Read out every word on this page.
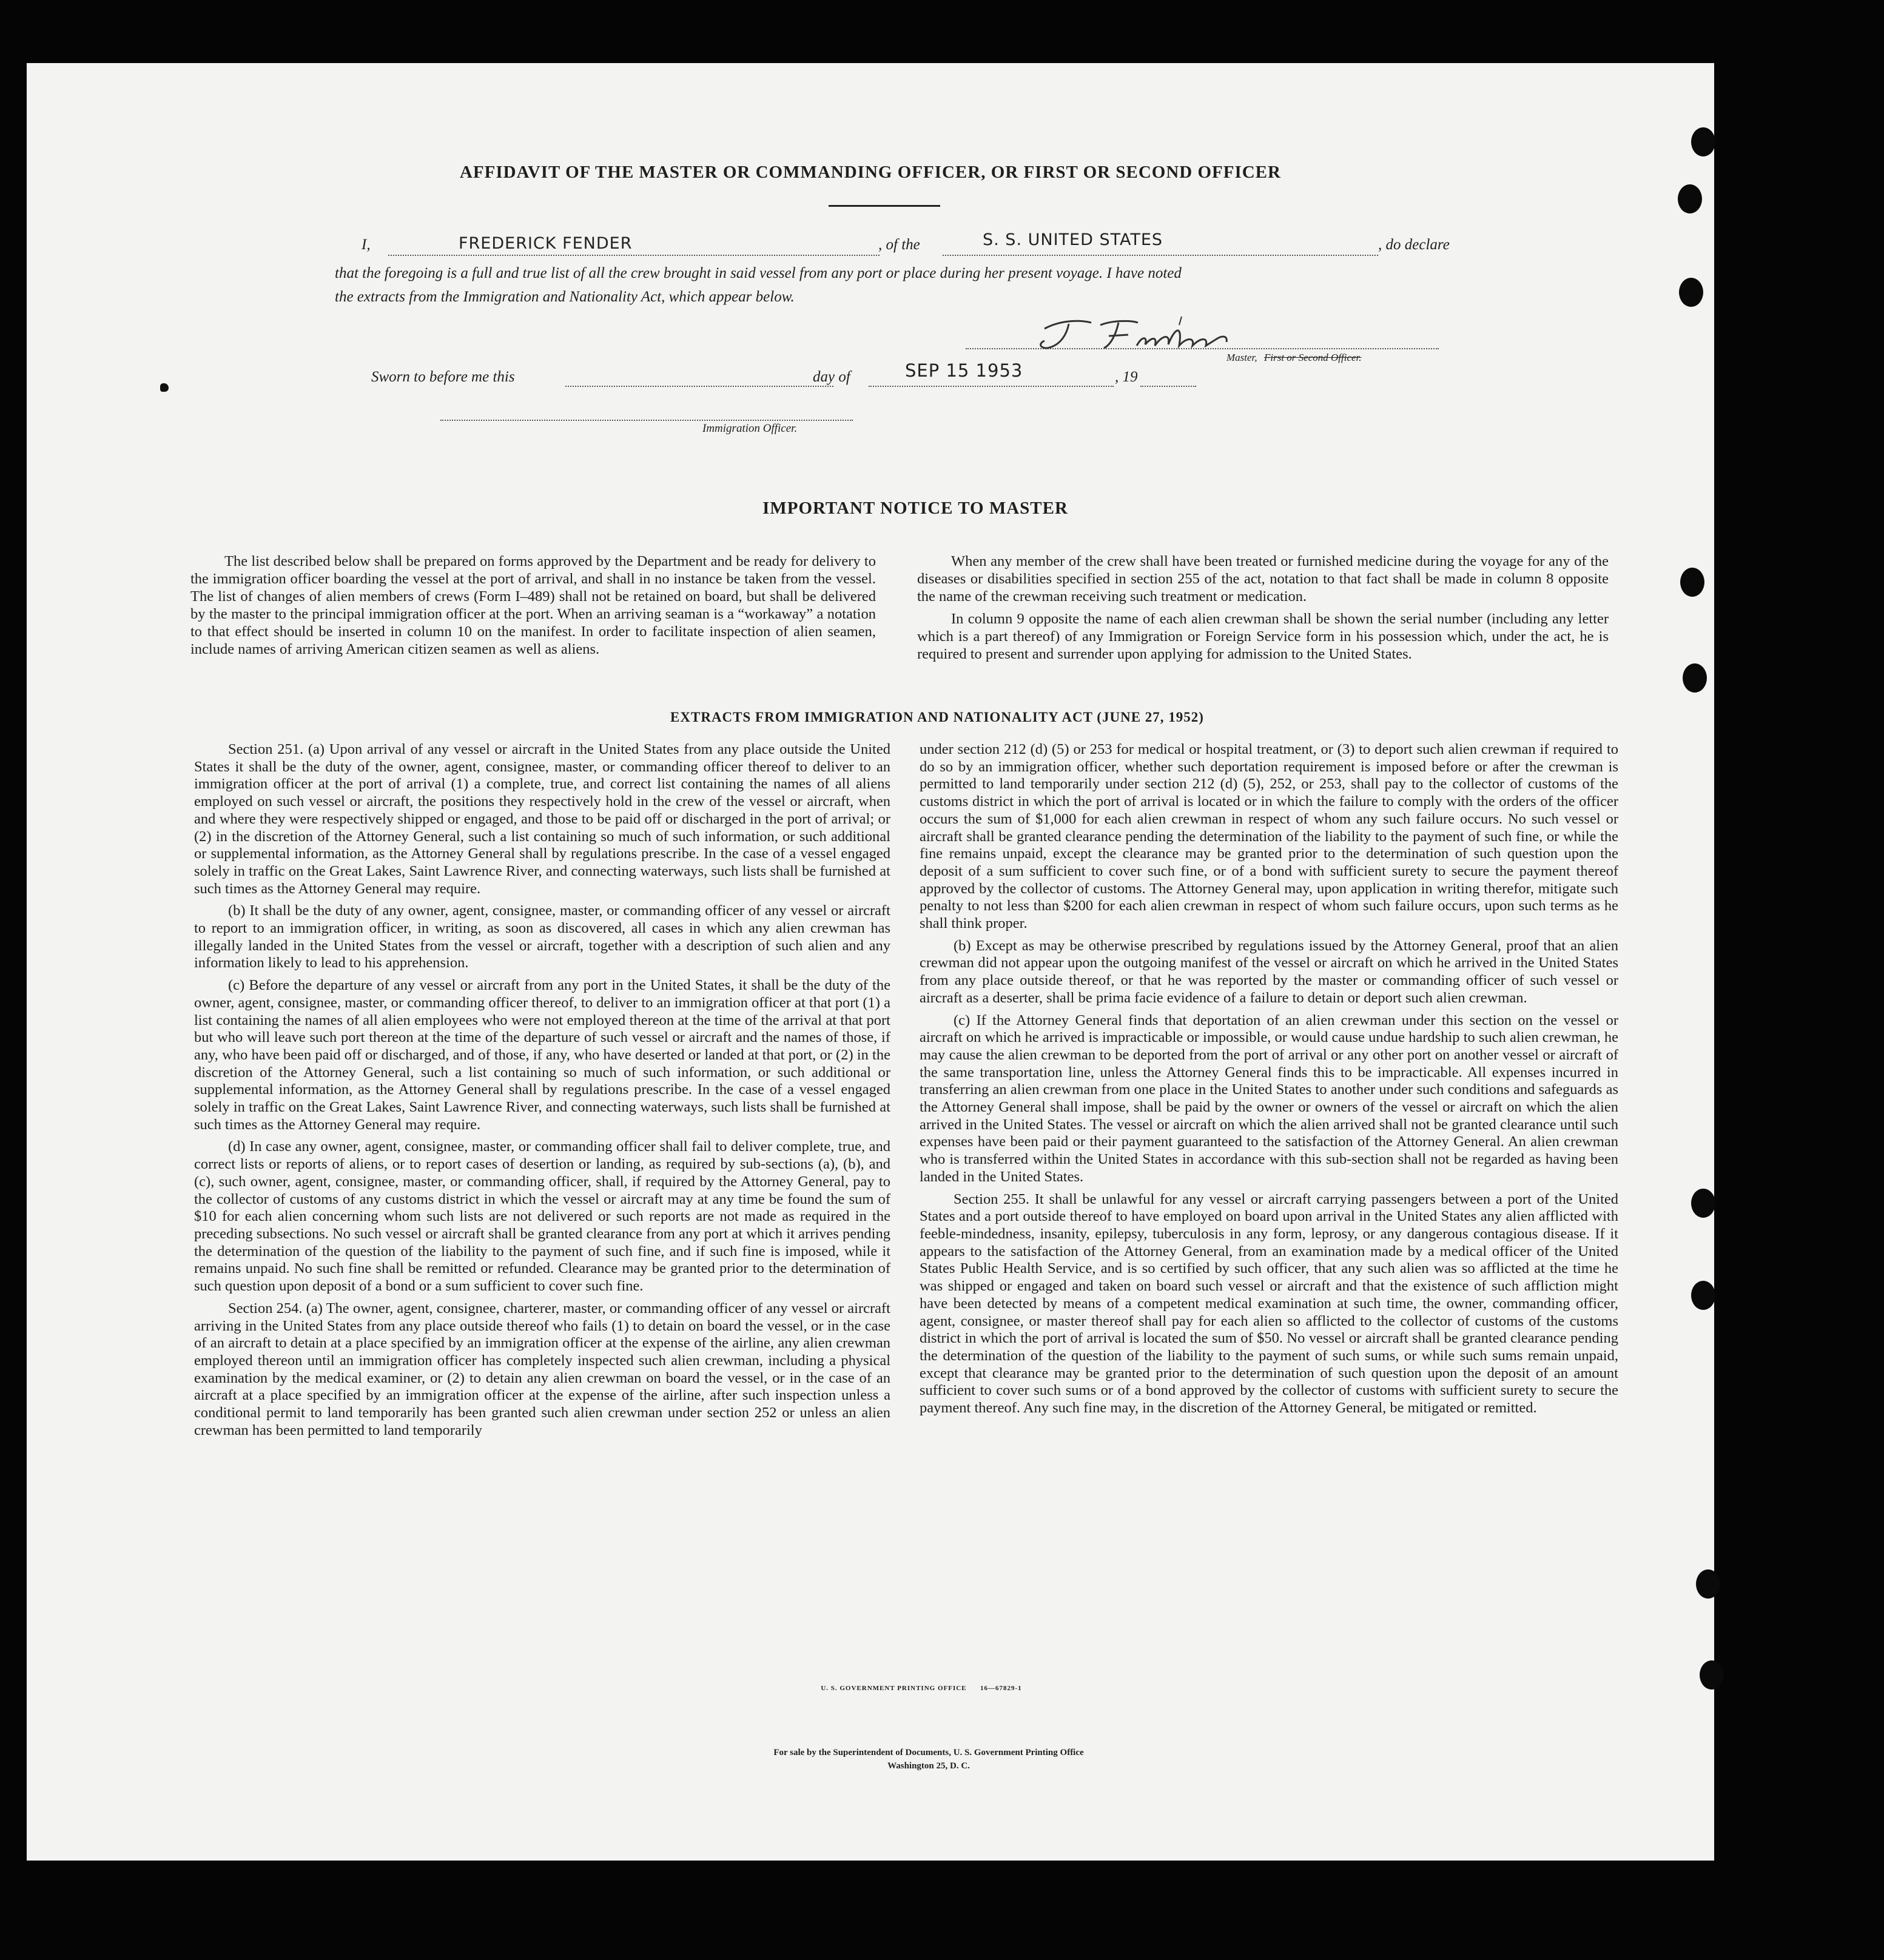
AFFIDAVIT OF THE MASTER OR COMMANDING OFFICER, OR FIRST OR SECOND OFFICER
I,	FREDERICK FENDER	, of the	S. S. UNITED STATES	, do declare
that the foregoing is a full and true list of all the crew brought in said vessel from any port or place during her present voyage. I have noted
the extracts from the Immigration and Nationality Act, which appear below.
Master, First or Second Officer.
Sworn to before me this	day of	SEP 15 1953	, 19
Immigration Officer.
IMPORTANT NOTICE TO MASTER

The list described below shall be prepared on forms approved by the Department and be ready for delivery to the immigration officer boarding the vessel at the port of arrival, and shall in no instance be taken from the vessel. The list of changes of alien members of crews (Form I–489) shall not be retained on board, but shall be delivered by the master to the principal immigration officer at the port. When an arriving seaman is a “workaway” a notation to that effect should be inserted in column 10 on the manifest. In order to facilitate inspection of alien seamen, include names of arriving American citizen seamen as well as aliens.

When any member of the crew shall have been treated or furnished medicine during the voyage for any of the diseases or disabilities specified in section 255 of the act, notation to that fact shall be made in column 8 opposite the name of the crewman receiving such treatment or medication.

In column 9 opposite the name of each alien crewman shall be shown the serial number (including any letter which is a part thereof) of any Immigration or Foreign Service form in his possession which, under the act, he is required to present and surrender upon applying for admission to the United States.

EXTRACTS FROM IMMIGRATION AND NATIONALITY ACT (JUNE 27, 1952)

Section 251. (a) Upon arrival of any vessel or aircraft in the United States from any place outside the United States it shall be the duty of the owner, agent, consignee, master, or commanding officer thereof to deliver to an immigration officer at the port of arrival (1) a complete, true, and correct list containing the names of all aliens employed on such vessel or aircraft, the positions they respectively hold in the crew of the vessel or aircraft, when and where they were respectively shipped or engaged, and those to be paid off or discharged in the port of arrival; or (2) in the discretion of the Attorney General, such a list containing so much of such information, or such additional or supplemental information, as the Attorney General shall by regulations prescribe. In the case of a vessel engaged solely in traffic on the Great Lakes, Saint Lawrence River, and connecting waterways, such lists shall be furnished at such times as the Attorney General may require.

(b) It shall be the duty of any owner, agent, consignee, master, or commanding officer of any vessel or aircraft to report to an immigration officer, in writing, as soon as discovered, all cases in which any alien crewman has illegally landed in the United States from the vessel or aircraft, together with a description of such alien and any information likely to lead to his apprehension.

(c) Before the departure of any vessel or aircraft from any port in the United States, it shall be the duty of the owner, agent, consignee, master, or commanding officer thereof, to deliver to an immigration officer at that port (1) a list containing the names of all alien employees who were not employed thereon at the time of the arrival at that port but who will leave such port thereon at the time of the departure of such vessel or aircraft and the names of those, if any, who have been paid off or discharged, and of those, if any, who have deserted or landed at that port, or (2) in the discretion of the Attorney General, such a list containing so much of such information, or such additional or supplemental information, as the Attorney General shall by regulations prescribe. In the case of a vessel engaged solely in traffic on the Great Lakes, Saint Lawrence River, and connecting waterways, such lists shall be furnished at such times as the Attorney General may require.

(d) In case any owner, agent, consignee, master, or commanding officer shall fail to deliver complete, true, and correct lists or reports of aliens, or to report cases of desertion or landing, as required by sub-sections (a), (b), and (c), such owner, agent, consignee, master, or commanding officer, shall, if required by the Attorney General, pay to the collector of customs of any customs district in which the vessel or aircraft may at any time be found the sum of $10 for each alien concerning whom such lists are not delivered or such reports are not made as required in the preceding subsections. No such vessel or aircraft shall be granted clearance from any port at which it arrives pending the determination of the question of the liability to the payment of such fine, and if such fine is imposed, while it remains unpaid. No such fine shall be remitted or refunded. Clearance may be granted prior to the determination of such question upon deposit of a bond or a sum sufficient to cover such fine.

Section 254. (a) The owner, agent, consignee, charterer, master, or commanding officer of any vessel or aircraft arriving in the United States from any place outside thereof who fails (1) to detain on board the vessel, or in the case of an aircraft to detain at a place specified by an immigration officer at the expense of the airline, any alien crewman employed thereon until an immigration officer has completely inspected such alien crewman, including a physical examination by the medical examiner, or (2) to detain any alien crewman on board the vessel, or in the case of an aircraft at a place specified by an immigration officer at the expense of the airline, after such inspection unless a conditional permit to land temporarily has been granted such alien crewman under section 252 or unless an alien crewman has been permitted to land temporarily

under section 212 (d) (5) or 253 for medical or hospital treatment, or (3) to deport such alien crewman if required to do so by an immigration officer, whether such deportation requirement is imposed before or after the crewman is permitted to land temporarily under section 212 (d) (5), 252, or 253, shall pay to the collector of customs of the customs district in which the port of arrival is located or in which the failure to comply with the orders of the officer occurs the sum of $1,000 for each alien crewman in respect of whom any such failure occurs. No such vessel or aircraft shall be granted clearance pending the determination of the liability to the payment of such fine, or while the fine remains unpaid, except the clearance may be granted prior to the determination of such question upon the deposit of a sum sufficient to cover such fine, or of a bond with sufficient surety to secure the payment thereof approved by the collector of customs. The Attorney General may, upon application in writing therefor, mitigate such penalty to not less than $200 for each alien crewman in respect of whom such failure occurs, upon such terms as he shall think proper.

(b) Except as may be otherwise prescribed by regulations issued by the Attorney General, proof that an alien crewman did not appear upon the outgoing manifest of the vessel or aircraft on which he arrived in the United States from any place outside thereof, or that he was reported by the master or commanding officer of such vessel or aircraft as a deserter, shall be prima facie evidence of a failure to detain or deport such alien crewman.

(c) If the Attorney General finds that deportation of an alien crewman under this section on the vessel or aircraft on which he arrived is impracticable or impossible, or would cause undue hardship to such alien crewman, he may cause the alien crewman to be deported from the port of arrival or any other port on another vessel or aircraft of the same transportation line, unless the Attorney General finds this to be impracticable. All expenses incurred in transferring an alien crewman from one place in the United States to another under such conditions and safeguards as the Attorney General shall impose, shall be paid by the owner or owners of the vessel or aircraft on which the alien arrived in the United States. The vessel or aircraft on which the alien arrived shall not be granted clearance until such expenses have been paid or their payment guaranteed to the satisfaction of the Attorney General. An alien crewman who is transferred within the United States in accordance with this sub-section shall not be regarded as having been landed in the United States.

Section 255. It shall be unlawful for any vessel or aircraft carrying passengers between a port of the United States and a port outside thereof to have employed on board upon arrival in the United States any alien afflicted with feeble-mindedness, insanity, epilepsy, tuberculosis in any form, leprosy, or any dangerous contagious disease. If it appears to the satisfaction of the Attorney General, from an examination made by a medical officer of the United States Public Health Service, and is so certified by such officer, that any such alien was so afflicted at the time he was shipped or engaged and taken on board such vessel or aircraft and that the existence of such affliction might have been detected by means of a competent medical examination at such time, the owner, commanding officer, agent, consignee, or master thereof shall pay for each alien so afflicted to the collector of customs of the customs district in which the port of arrival is located the sum of $50. No vessel or aircraft shall be granted clearance pending the determination of the question of the liability to the payment of such sums, or while such sums remain unpaid, except that clearance may be granted prior to the determination of such question upon the deposit of an amount sufficient to cover such sums or of a bond approved by the collector of customs with sufficient surety to secure the payment thereof. Any such fine may, in the discretion of the Attorney General, be mitigated or remitted.

U. S. GOVERNMENT PRINTING OFFICE      16—67829-1
For sale by the Superintendent of Documents, U. S. Government Printing Office
Washington 25, D. C.
